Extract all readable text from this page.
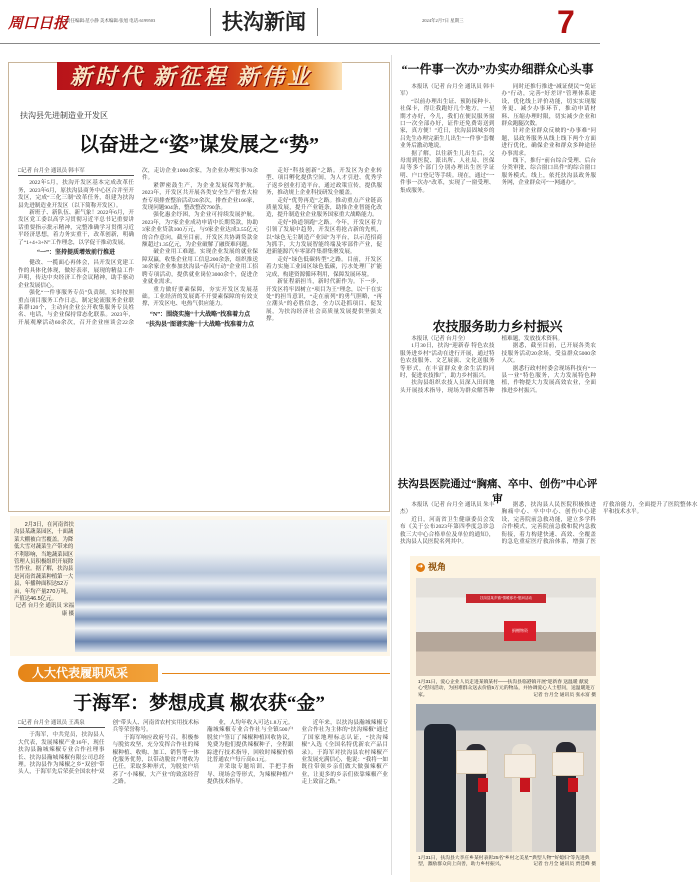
周口日报
责任编辑:范小静 美术编辑:张旭 电话:6199503	扶沟新闻	2024年2月7日 星期三	7
新时代 新征程 新伟业
扶沟县先进制造业开发区
以奋进之“姿”谋发展之“势”

□记者 台月全 通讯员 韩丰军

2022年5月，扶沟开发区基本完成改革任务，2023年6月，原扶沟县商务中心区合并至开发区，完成“三化三制”改革任务，组建为扶沟县先进制造业开发区（以下简称开发区）。

新班子、新队伍、新气象！2022年6月，开发区党工委以高学习贯彻习近平总书记重要讲话重要指示批示精神，完整准确学习贯彻习近平经济思想，着力务实重干，改革创新，明确了“1+4+3+N”工作理念，以学促干推动发展。

“一”：坚持提质增效前行推进

健改、一揽面心再体会，昌开发区党建工作的具体化体现，做好表率，展现的精益工作声明，传达中央经济工作会议精神，助手驱动企业发展信心。

强化“一件事服务专员”负责制，实时按照重点项目服务工作日志，制定轮流服务企业联系群120个，主动向企业公开收集服务专员姓名、电话，与企业保持常态化联系。2023年，开展观摩活动60余次，召开企业座谈会22余次，走访企业1000余家，为企业办理实事70余件。

紧锣密鼓生产，为企业发展保驾护航。2023年，开发区共开展各类安全生产督查大检查专项排查整治活动20余次，排查企业166家，发现问题904条，整改整改790条。

强化惠企纾困，为企业可持续发展护航。2023年，为7家企业成功申请中长期贷款，协助3家企业贷款100万元，与9家企业达成3.55亿元的合作意向，截至目前，开发区共协调贷款金额超过1.35亿元，为企业破解了融资难问题。

破企业用工难题。实现企业发展的就业保障双赢，收集企业用工信息200余条，组织推送30余家企业参加扶沟县“春风行动”企业用工招聘专项活动，提供就业岗位3000余个，促进企业就业需求。

重力做好要素保障，夯实开发区发展基础。工业经济的发展离不开要素保障的有效支撑，开发区电、电热气供应能力。

“N”：围绕实施“十大战略”找准着力点
“扶沟县”图谱实施“十大战略”找准着力点

走好“科技创新”之路。开发区为企业转型、项目孵化提供空间，为人才引进、优秀学子返乡创业打造平台，通过政策宣传，提供服务，推动规上企业科技研发全覆盖。

走好“优势再造”之路。推动重点产业链高质量发展，提升产业链条，助推企业智能化改造，提升制造业企业服务国家重大战略能力。

走好“换道领跑”之路。今年，开发区着力引领了发展中趋势，开发区将抢占新的先机，以“绿色无尘制造产业园”为平台，以示范招商为抓手，大力发展智能终端及零部件产业，促进新能源汽车零部件集群集聚发展。

走好“绿色低碳转型”之路。目前，开发区着力实施工业园区绿色低碳，污水处理厂扩能完成，构建资源循环利用，保障发展环境。

新征程新担当，新时代新作为。下一步，开发区将牢固树立“项目为王”理念，以“干在实处”的担当意识，“走在前列”的勇气胆略，“再立潮头”的必胜信念，全力以赴抓项目、促发展，为扶沟经济社会高质量发展提供坚强支撑。

2月3日，在河南省扶沟县某蔬菜园区，十面蔬菜大棚被白雪覆盖。为降低大雪对蔬菜生产带来的不利影响，当地蔬菜园区管理人员积极组织开展除雪作业。据了解，扶沟县是河南省蔬菜种植第一大县，年播种面积达52万亩，年均产量270万吨，产值达46.5亿元。

记者 台月全 通讯员 宋福康 摄

人大代表履职风采
于海军：梦想成真 椒农获“金”

□记者 台月全 通讯员 王禹泉

于海军，中共党员，扶沟县人大代表，发展辣椒产业16年，现任扶沟县瀚城辣椒专业合作社理事长、扶沟县瀚城辣椒有限公司总经理。扶沟县作为辣椒之乡“双创”带头人，于海军先后荣获全国农村“双创”带头人、河南省农村实用技术标兵等荣誉称号。

于海军响应政府号召，积极参与脱贫攻坚，充分发挥合作社的辣椒种植、收购、加工、销售等一体化服务优势，以带动脱贫户增收为已任，采取多种形式，为脱贫户培养了“小辣椒，大产业”的致富经营之路。

业，人均年收入可达1.8万元。瀚城辣椒专业合作社与全镇500户脱贫户签订了辣椒种植回收协议，免费为他们提供辣椒种子，全程跟踪进行技术指导，回收时辣椒价格比普通农户每斤高0.1元。

并采取专题培训、手把手指导、现场会等形式，为辣椒种植户提供技术指导。

近年来，以扶沟县瀚城辣椒专业合作社为主体的“扶沟辣椒”通过了国家地理标志认证，“扶沟辣椒”入选《全国名特优新农产品目录》。于海军对扶沟县农村辣椒产业发展充满信心，他说：“我将一如既往带领乡亲们做大做强辣椒产业，让更多的乡亲们依靠辣椒产业走上致富之路。”

“一件事一次办”办实办细群众心头事

本报讯（记者 台月全 通讯员 韩丰军）

“以前办理出生证、预防接种卡、社保卡，得让我跑好几个地方，一星期才办好，今儿，我们在便民服务窗口一次全部办好，证件还免费寄送到家，真方便！”近日，扶沟县固城乡的吕先生办理完新生儿出生“一件事”套餐业务后激动地说。

据了解，以往新生儿出生后，父母需到医院、派出所、人社局、医保局等多个部门分别办理出生医学证明、户口登记等手续。现在，通过“一件事一次办”改革，实现了一窗受理、集成服务。

同时还推行推进“减证便民”“免证办”行动，完善“好差评”管理体系建设，优化线上评价功能，切实实现服务更、减少办事环节，推动申请材料、压缩办理时限，切实减少企业和群众跑腿次数。

针对企业群众反映的“办事难”问题，县政务服务从线上线下两个方面进行优化，确保企业和群众多种途径办事需求。

线下，推行“前台综合受理、后台分类审批、综合窗口出件”的综合窗口服务模式。线上，依托扶沟县政务服务网，企业群众可“一网通办”。

农技服务助力乡村振兴

本报讯（记者 台月全）

1月30日，扶沟“迎新春 特色农技服务进乡村”活动在进行开展，通过特色农技服务、文艺展演、文化送服务等形式，在丰富群众业余生活的同时，促进农技推广，助力乡村振兴。

扶沟县组织农技人员深入田间地头开展技术指导，现场为群众解答种植难题，发放技术资料。

据悉，截至目前，已开展各类农技服务活动20余场，受益群众5000余人次。

据悉行政村村委会现场科技有“一县一业”特色服务，大力发展特色种植，作物提大力发展高效农业，全面推进乡村振兴。

扶沟县医院通过“胸痛、卒中、创伤”中心评审

本报讯（记者 台月全 通讯员 朱丰杰）

近日，河南省卫生健康委员会发布《关于公布2023年第四季度急诊急救三大中心合格单位及单位的通知》，扶沟县人民医院名列其中。

据悉，扶沟县人民医院积极推进胸痛中心、卒中中心、创伤中心建设，完善院前急救功能，建立多学科合作模式，完善院前急救和院内急救衔接，着力构建快速、高效、全覆盖的急危重症医疗救治体系，增强了医疗救治能力，全面提升了医院整体水平和技术水平。

➜ 视角
扶沟县某乡镇“情暖寒冬”慰问活动
捐赠物资
1月31日，爱心企业人员走进某镇某村——扶沟县临港镇开展“迎新春 送温暖 献爱心”慰问活动，为困难群众送去价值5万元的物品，并协调爱心人士慰问，送温暖进万家。	记者 台月全 通讯员 张永富 摄
1月31日，扶沟县大李庄乡某村表彰25名“乡村之美星”“典型人物”“好媳妇”等先进典型，激励群众向上向善，助力乡村振兴。	记者 台月全 通讯员 贾佳峰 摄
